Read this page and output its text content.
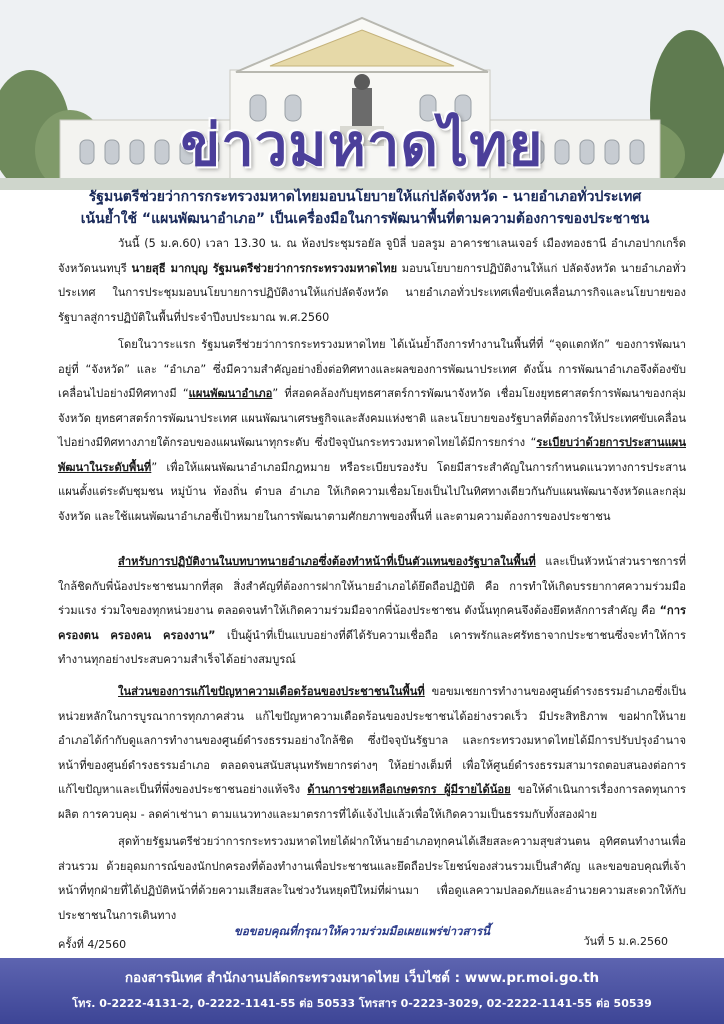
ข่าวมหาดไทย
รัฐมนตรีช่วยว่าการกระทรวงมหาดไทยมอบนโยบายให้แก่ปลัดจังหวัด - นายอำเภอทั่วประเทศ
เน้นย้ำใช้ “แผนพัฒนาอำเภอ” เป็นเครื่องมือในการพัฒนาพื้นที่ตามความต้องการของประชาชน
วันนี้ (5 ม.ค.60) เวลา 13.30 น. ณ ห้องประชุมรอยัล จูบิลี่ บอลรูม อาคารชาเลนเจอร์ เมืองทองธานี อำเภอปากเกร็ด จังหวัดนนทบุรี นายสุธี มากบุญ รัฐมนตรีช่วยว่าการกระทรวงมหาดไทย มอบนโยบายการปฏิบัติงานให้แก่ ปลัดจังหวัด นายอำเภอทั่วประเทศ ในการประชุมมอบนโยบายการปฏิบัติงานให้แก่ปลัดจังหวัด นายอำเภอทั่วประเทศเพื่อขับเคลื่อนภารกิจและนโยบายของรัฐบาลสู่การปฏิบัติในพื้นที่ประจำปีงบประมาณ พ.ศ.2560
โดยในวาระแรก รัฐมนตรีช่วยว่าการกระทรวงมหาดไทย ได้เน้นย้ำถึงการทำงานในพื้นที่ที่ “จุดแตกหัก” ของการพัฒนาอยู่ที่ “จังหวัด” และ “อำเภอ” ซึ่งมีความสำคัญอย่างยิ่งต่อทิศทางและผลของการพัฒนาประเทศ ดังนั้น การพัฒนาอำเภอจึงต้องขับเคลื่อนไปอย่างมีทิศทางมี “แผนพัฒนาอำเภอ” ที่สอดคล้องกับยุทธศาสตร์การพัฒนาจังหวัด เชื่อมโยงยุทธศาสตร์การพัฒนาของกลุ่มจังหวัด ยุทธศาสตร์การพัฒนาประเทศ แผนพัฒนาเศรษฐกิจและสังคมแห่งชาติ และนโยบายของรัฐบาลที่ต้องการให้ประเทศขับเคลื่อนไปอย่างมีทิศทางภายใต้กรอบของแผนพัฒนาทุกระดับ ซึ่งปัจจุบันกระทรวงมหาดไทยได้มีการยกร่าง “ระเบียบว่าด้วยการประสานแผนพัฒนาในระดับพื้นที่” เพื่อให้แผนพัฒนาอำเภอมีกฎหมาย หรือระเบียบรองรับ โดยมีสาระสำคัญในการกำหนดแนวทางการประสานแผนตั้งแต่ระดับชุมชน หมู่บ้าน ท้องถิ่น ตำบล อำเภอ ให้เกิดความเชื่อมโยงเป็นไปในทิศทางเดียวกันกับแผนพัฒนาจังหวัดและกลุ่มจังหวัด และใช้แผนพัฒนาอำเภอชี้เป้าหมายในการพัฒนาตามศักยภาพของพื้นที่ และตามความต้องการของประชาชน
สำหรับการปฏิบัติงานในบทบาทนายอำเภอซึ่งต้องทำหน้าที่เป็นตัวแทนของรัฐบาลในพื้นที่ และเป็นหัวหน้าส่วนราชการที่ใกล้ชิดกับพี่น้องประชาชนมากที่สุด สิ่งสำคัญที่ต้องการฝากให้นายอำเภอได้ยึดถือปฏิบัติ คือ การทำให้เกิดบรรยากาศความร่วมมือ ร่วมแรง ร่วมใจของทุกหน่วยงาน ตลอดจนทำให้เกิดความร่วมมือจากพี่น้องประชาชน ดังนั้นทุกคนจึงต้องยึดหลักการสำคัญ คือ “การครองตน ครองคน ครองงาน” เป็นผู้นำที่เป็นแบบอย่างที่ดีได้รับความเชื่อถือ เคารพรักและศรัทธาจากประชาชนซึ่งจะทำให้การทำงานทุกอย่างประสบความสำเร็จได้อย่างสมบูรณ์
ในส่วนของการแก้ไขปัญหาความเดือดร้อนของประชาชนในพื้นที่ ขอขมเชยการทำงานของศูนย์ดำรงธรรมอำเภอซึ่งเป็นหน่วยหลักในการบูรณาการทุกภาคส่วน แก้ไขปัญหาความเดือดร้อนของประชาชนได้อย่างรวดเร็ว มีประสิทธิภาพ ขอฝากให้นายอำเภอได้กำกับดูแลการทำงานของศูนย์ดำรงธรรมอย่างใกล้ชิด ซึ่งปัจจุบันรัฐบาล และกระทรวงมหาดไทยได้มีการปรับปรุงอำนาจหน้าที่ของศูนย์ดำรงธรรมอำเภอ ตลอดจนสนับสนุนทรัพยากรต่างๆ ให้อย่างเต็มที่ เพื่อให้ศูนย์ดำรงธรรมสามารถตอบสนองต่อการแก้ไขปัญหาและเป็นที่พึ่งของประชาชนอย่างแท้จริง ด้านการช่วยเหลือเกษตรกร ผู้มีรายได้น้อย ขอให้ดำเนินการเรื่องการลดทุนการผลิต การควบคุม - ลดค่าเช่านา ตามแนวทางและมาตรการที่ได้แจ้งไปแล้วเพื่อให้เกิดความเป็นธรรมกับทั้งสองฝ่าย
สุดท้ายรัฐมนตรีช่วยว่าการกระทรวงมหาดไทยได้ฝากให้นายอำเภอทุกคนได้เสียสละความสุขส่วนตน อุทิศตนทำงานเพื่อส่วนรวม ด้วยอุดมการณ์ของนักปกครองที่ต้องทำงานเพื่อประชาชนและยึดถือประโยชน์ของส่วนรวมเป็นสำคัญ และขอขอบคุณที่เจ้าหน้าที่ทุกฝ่ายที่ได้ปฏิบัติหน้าที่ด้วยความเสียสละในช่วงวันหยุดปีใหม่ที่ผ่านมา เพื่อดูแลความปลอดภัยและอำนวยความสะดวกให้กับประชาชนในการเดินทาง
ขอขอบคุณที่กรุณาให้ความร่วมมือเผยแพร่ข่าวสารนี้
ครั้งที่ 4/2560	วันที่ 5 ม.ค.2560
กองสารนิเทศ สำนักงานปลัดกระทรวงมหาดไทย เว็บไซต์ : www.pr.moi.go.th
โทร. 0-2222-4131-2, 0-2222-1141-55 ต่อ 50533 โทรสาร 0-2223-3029, 02-2222-1141-55 ต่อ 50539
